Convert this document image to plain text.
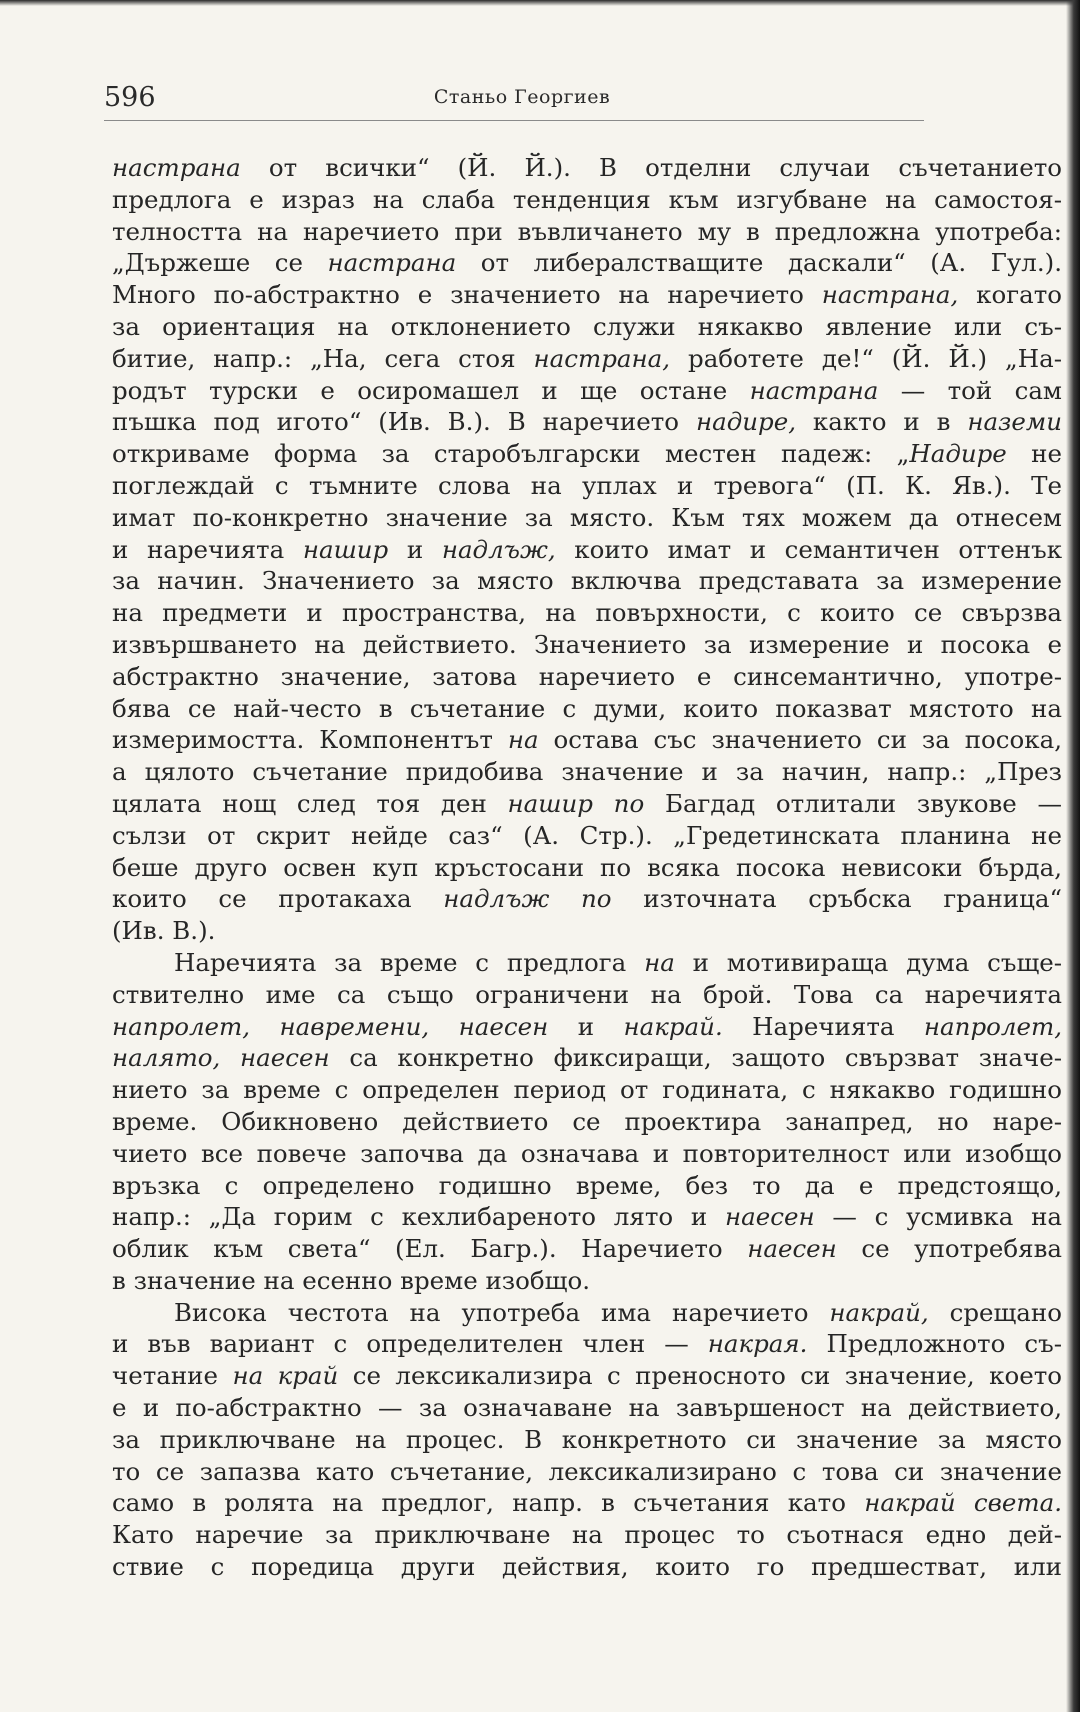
596	Станьо Георгиев
настрана от всички“ (Й. Й.). В отделни случаи съчетанието
предлога е израз на слаба тенденция към изгубване на самостоя-
телността на наречието при въвличането му в предложна употреба:
„Държеше се настрана от либералстващите даскали“ (А. Гул.).
Много по-абстрактно е значението на наречието настрана, когато
за ориентация на отклонението служи някакво явление или съ-
битие, напр.: „На, сега стоя настрана, работете де!“ (Й. Й.) „На-
родът турски е осиромашел и ще остане настрана — той сам
пъшка под игото“ (Ив. В.). В наречието надире, както и в наземи
откриваме форма за старобългарски местен падеж: „Надире не
поглеждай с тъмните слова на уплах и тревога“ (П. К. Яв.). Те
имат по-конкретно значение за място. Към тях можем да отнесем
и наречията нашир и надлъж, които имат и семантичен оттенък
за начин. Значението за място включва представата за измерение
на предмети и пространства, на повърхности, с които се свързва
извършването на действието. Значението за измерение и посока е
абстрактно значение, затова наречието е синсемантично, употре-
бява се най-често в съчетание с думи, които показват мястото на
измеримостта. Компонентът на остава със значението си за посока,
а цялото съчетание придобива значение и за начин, напр.: „През
цялата нощ след тоя ден нашир по Багдад отлитали звукове —
сълзи от скрит нейде саз“ (А. Стр.). „Гредетинската планина не
беше друго освен куп кръстосани по всяка посока невисоки бърда,
които се протакаха надлъж по източната сръбска граница“
(Ив. В.).
Наречията за време с предлога на и мотивираща дума съще-
ствително име са също ограничени на брой. Това са наречията
напролет, навремени, наесен и накрай. Наречията напролет,
налято, наесен са конкретно фиксиращи, защото свързват значе-
нието за време с определен период от годината, с някакво годишно
време. Обикновено действието се проектира занапред, но наре-
чието все повече започва да означава и повторителност или изобщо
връзка с определено годишно време, без то да е предстоящо,
напр.: „Да горим с кехлибареното лято и наесен — с усмивка на
облик към света“ (Ел. Багр.). Наречието наесен се употребява
в значение на есенно време изобщо.
Висока честота на употреба има наречието накрай, срещано
и във вариант с определителен член — накрая. Предложното съ-
четание на край се лексикализира с преносното си значение, което
е и по-абстрактно — за означаване на завършеност на действието,
за приключване на процес. В конкретното си значение за място
то се запазва като съчетание, лексикализирано с това си значение
само в ролята на предлог, напр. в съчетания като накрай света.
Като наречие за приключване на процес то съотнася едно дей-
ствие с поредица други действия, които го предшестват, или
